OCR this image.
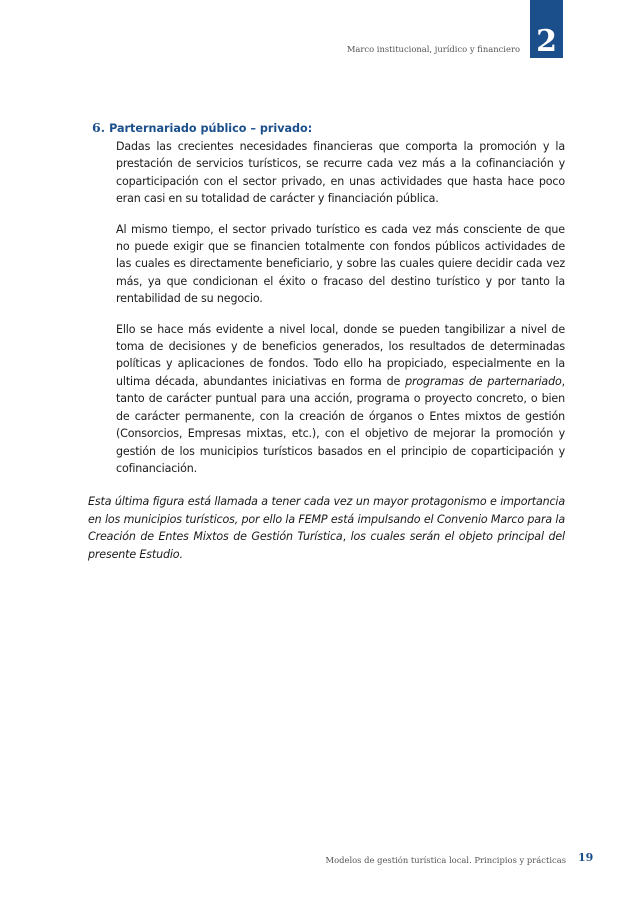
Marco institucional, jurídico y financiero 2
6. Parternariado público – privado:

Dadas las crecientes necesidades financieras que comporta la promoción y la prestación de servicios turísticos, se recurre cada vez más a la cofinanciación y coparticipación con el sector privado, en unas actividades que hasta hace poco eran casi en su totalidad de carácter y financiación pública.

Al mismo tiempo, el sector privado turístico es cada vez más consciente de que no puede exigir que se financien totalmente con fondos públicos actividades de las cuales es directamente beneficiario, y sobre las cuales quiere decidir cada vez más, ya que condicionan el éxito o fracaso del destino turístico y por tanto la rentabilidad de su negocio.

Ello se hace más evidente a nivel local, donde se pueden tangibilizar a nivel de toma de decisiones y de beneficios generados, los resultados de determinadas políticas y aplicaciones de fondos. Todo ello ha propiciado, especialmente en la ultima década, abundantes iniciativas en forma de programas de parternariado, tanto de carácter puntual para una acción, programa o proyecto concreto, o bien de carácter permanente, con la creación de órganos o Entes mixtos de gestión (Consorcios, Empresas mixtas, etc.), con el objetivo de mejorar la promoción y gestión de los municipios turísticos basados en el principio de coparticipación y cofinanciación.

Esta última figura está llamada a tener cada vez un mayor protagonismo e importancia en los municipios turísticos, por ello la FEMP está impulsando el Convenio Marco para la Creación de Entes Mixtos de Gestión Turística, los cuales serán el objeto principal del presente Estudio.

Modelos de gestión turística local. Principios y prácticas 19
